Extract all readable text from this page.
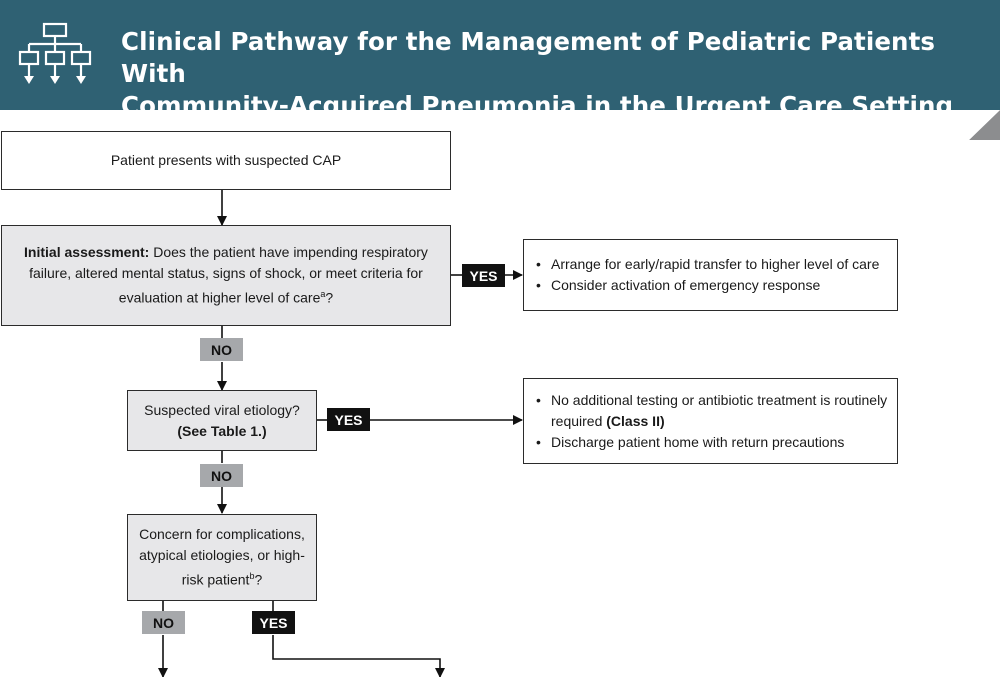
Clinical Pathway for the Management of Pediatric Patients With
Community-Acquired Pneumonia in the Urgent Care Setting
Patient presents with suspected CAP
Initial assessment: Does the patient have impending respiratory failure, altered mental status, signs of shock, or meet criteria for evaluation at higher level of care$^a$?
YES
• Arrange for early/rapid transfer to higher level of care
• Consider activation of emergency response
NO
Suspected viral etiology?
(See Table 1.)
YES
• No additional testing or antibiotic treatment is routinely required (Class II)
• Discharge patient home with return precautions
NO
Concern for complications, atypical etiologies, or high-risk patient$^b$?
NO	YES
